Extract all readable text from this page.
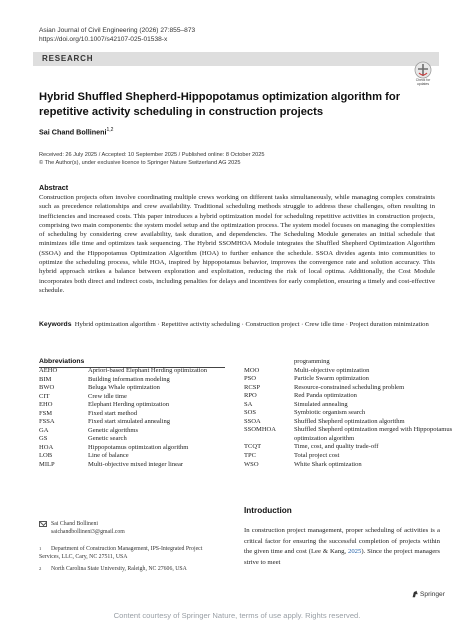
Asian Journal of Civil Engineering (2026) 27:855–873
https://doi.org/10.1007/s42107-025-01538-x
RESEARCH
Check for
updates
Hybrid Shuffled Shepherd-Hippopotamus optimization algorithm for repetitive activity scheduling in construction projects
Sai Chand Bollineni$^{1,2}$
Received: 26 July 2025 / Accepted: 10 September 2025 / Published online: 8 October 2025
© The Author(s), under exclusive licence to Springer Nature Switzerland AG 2025
Abstract
Construction projects often involve coordinating multiple crews working on different tasks simultaneously, while managing complex constraints such as precedence relationships and crew availability. Traditional scheduling methods struggle to address these challenges, often resulting in inefficiencies and increased costs. This paper introduces a hybrid optimization model for scheduling repetitive activities in construction projects, comprising two main components: the system model setup and the optimization process. The system model focuses on managing the complexities of scheduling by considering crew availability, task duration, and dependencies. The Scheduling Module generates an initial schedule that minimizes idle time and optimizes task sequencing. The Hybrid SSOMHOA Module integrates the Shuffled Shepherd Optimization Algorithm (SSOA) and the Hippopotamus Optimization Algorithm (HOA) to further enhance the schedule. SSOA divides agents into communities to optimize the scheduling process, while HOA, inspired by hippopotamus behavior, improves the convergence rate and solution accuracy. This hybrid approach strikes a balance between exploration and exploitation, reducing the risk of local optima. Additionally, the Cost Module incorporates both direct and indirect costs, including penalties for delays and incentives for early completion, ensuring a timely and cost-effective schedule.
Keywords Hybrid optimization algorithm · Repetitive activity scheduling · Construction project · Crew idle time · Project duration minimization
Abbreviations
AEHO	Apriori-based Elephant Herding optimization
BIM	Building information modeling
BWO	Beluga Whale optimization
CIT	Crew idle time
EHO	Elephant Herding optimization
FSM	Fixed start method
FSSA	Fixed start simulated annealing
GA	Genetic algorithms
GS	Genetic search
HOA	Hippopotamus optimization algorithm
LOB	Line of balance
MILP	Multi-objective mixed integer linear
	programming
MOO	Multi-objective optimization
PSO	Particle Swarm optimization
RCSP	Resource-constrained scheduling problem
RPO	Red Panda optimization
SA	Simulated annealing
SOS	Symbiotic organism search
SSOA	Shuffled Shepherd optimization algorithm
SSOMHOA	Shuffled Shepherd optimization merged with Hippopotamus optimization algorithm
TCQT	Time, cost, and quality trade-off
TPC	Total project cost
WSO	White Shark optimization
Introduction
In construction project management, proper scheduling of activities is a critical factor for ensuring the successful completion of projects within the given time and cost (Lee & Kang, 2025). Since the project managers strive to meet
Sai Chand Bollineni
saichandbollineni3@gmail.com
1 Department of Construction Management, IPS-Integrated Project Services, LLC, Cary, NC 27511, USA
2 North Carolina State University, Raleigh, NC 27606, USA
Springer
Content courtesy of Springer Nature, terms of use apply. Rights reserved.
